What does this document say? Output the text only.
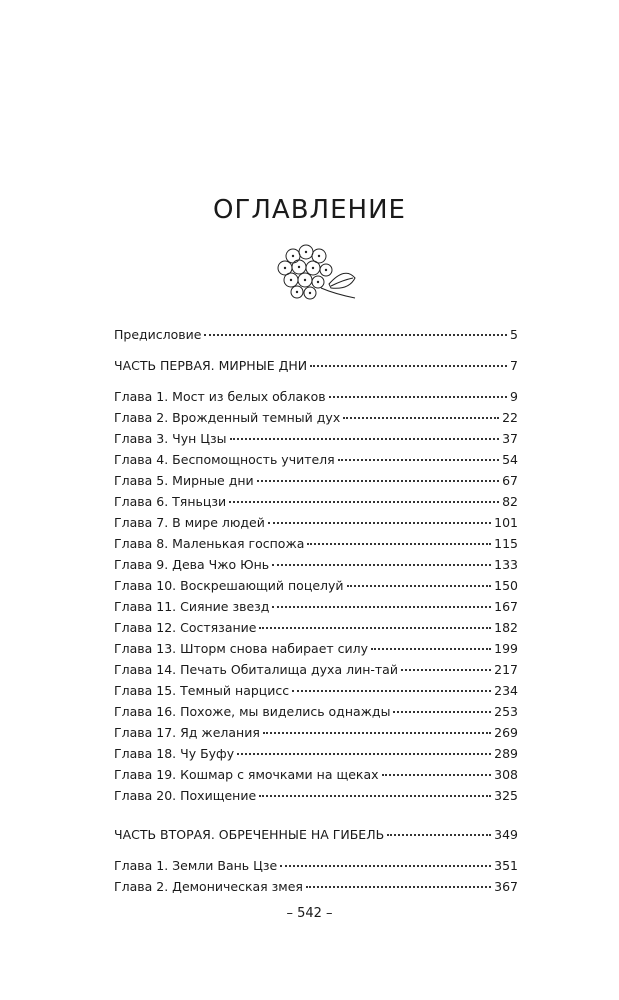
ОГЛАВЛЕНИЕ
Предисловие	5
ЧАСТЬ ПЕРВАЯ. МИРНЫЕ ДНИ	7
Глава 1. Мост из белых облаков	9
Глава 2. Врожденный темный дух	22
Глава 3. Чун Цзы	37
Глава 4. Беспомощность учителя	54
Глава 5. Мирные дни	67
Глава 6. Тяньцзи	82
Глава 7. В мире людей	101
Глава 8. Маленькая госпожа	115
Глава 9. Дева Чжо Юнь	133
Глава 10. Воскрешающий поцелуй	150
Глава 11. Сияние звезд	167
Глава 12. Состязание	182
Глава 13. Шторм снова набирает силу	199
Глава 14. Печать Обиталища духа лин-тай	217
Глава 15. Темный нарцисс	234
Глава 16. Похоже, мы виделись однажды	253
Глава 17. Яд желания	269
Глава 18. Чу Буфу	289
Глава 19. Кошмар с ямочками на щеках	308
Глава 20. Похищение	325
ЧАСТЬ ВТОРАЯ. ОБРЕЧЕННЫЕ НА ГИБЕЛЬ	349
Глава 1. Земли Вань Цзе	351
Глава 2. Демоническая змея	367
– 542 –
